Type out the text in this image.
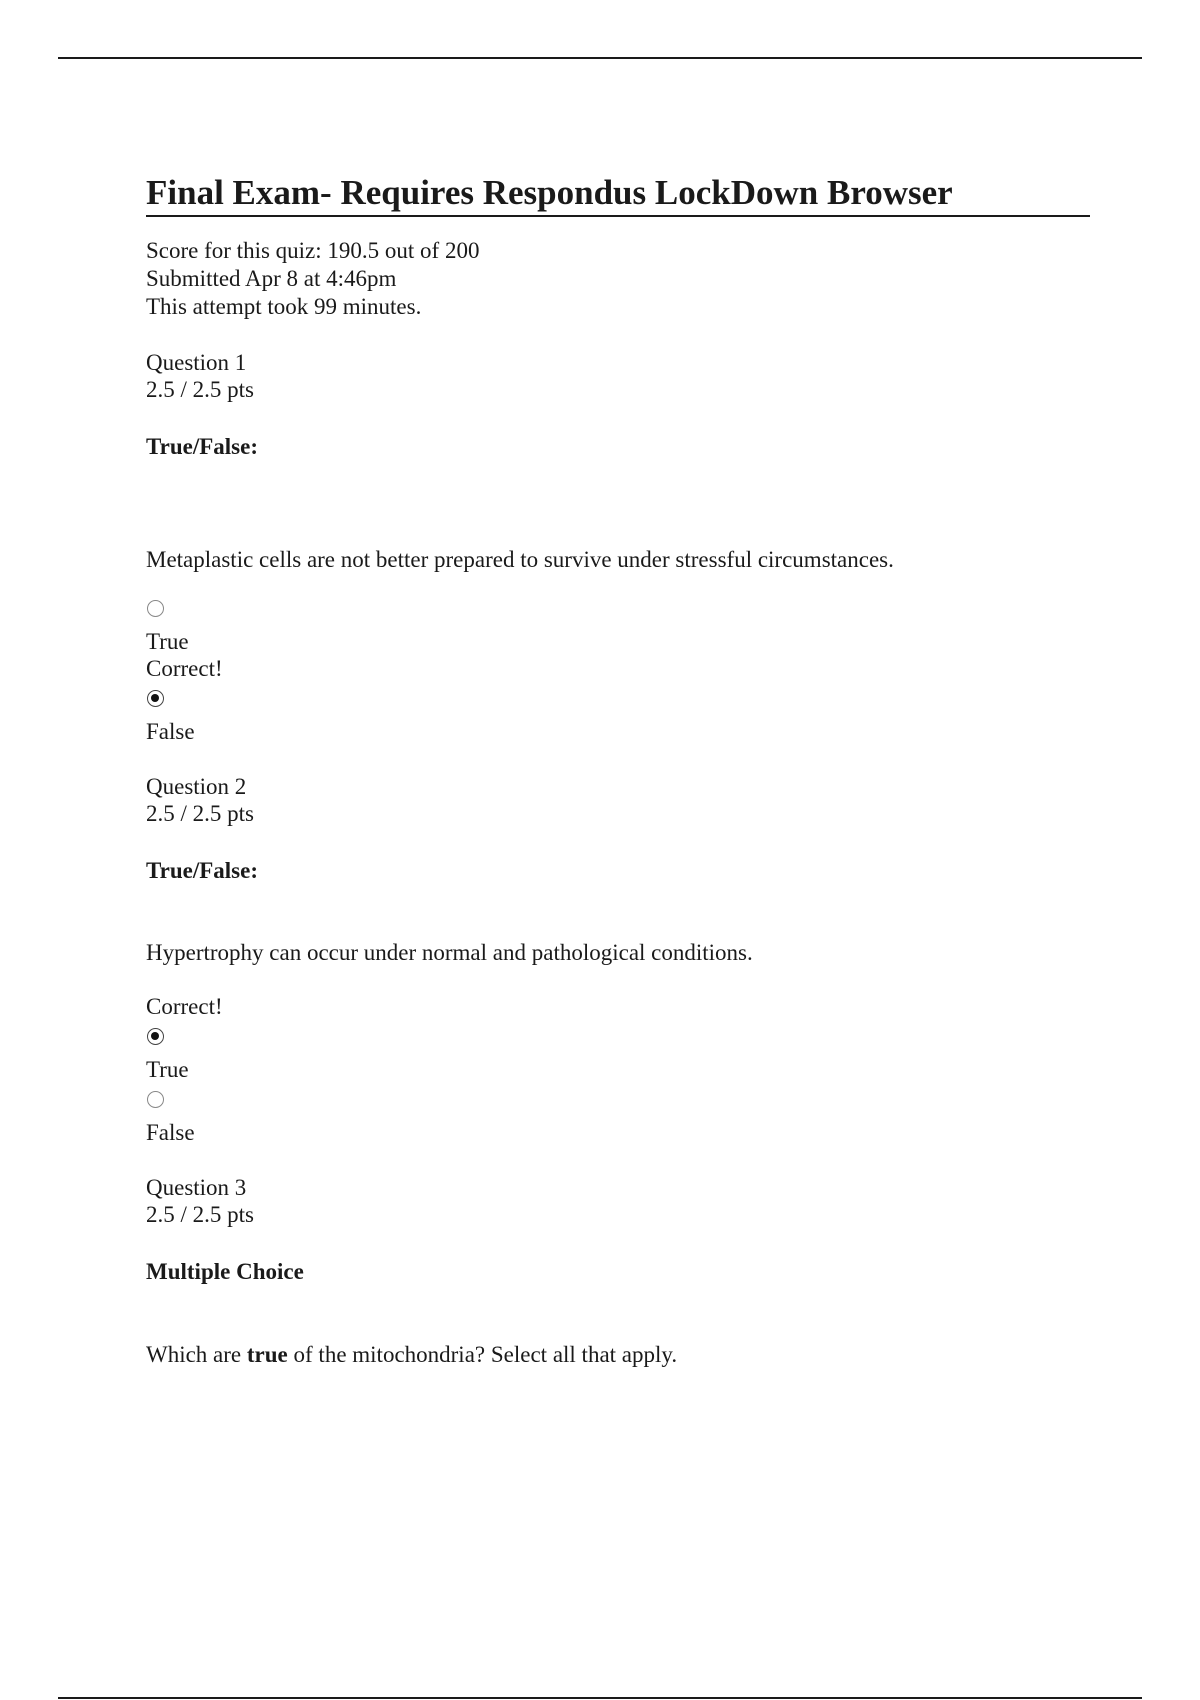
Final Exam- Requires Respondus LockDown Browser
Score for this quiz: 190.5 out of 200
Submitted Apr 8 at 4:46pm
This attempt took 99 minutes.
Question 1
2.5 / 2.5 pts
True/False:
Metaplastic cells are not better prepared to survive under stressful circumstances.
True
Correct!
False
Question 2
2.5 / 2.5 pts
True/False:
Hypertrophy can occur under normal and pathological conditions.
Correct!
True
False
Question 3
2.5 / 2.5 pts
Multiple Choice
Which are true of the mitochondria? Select all that apply.
